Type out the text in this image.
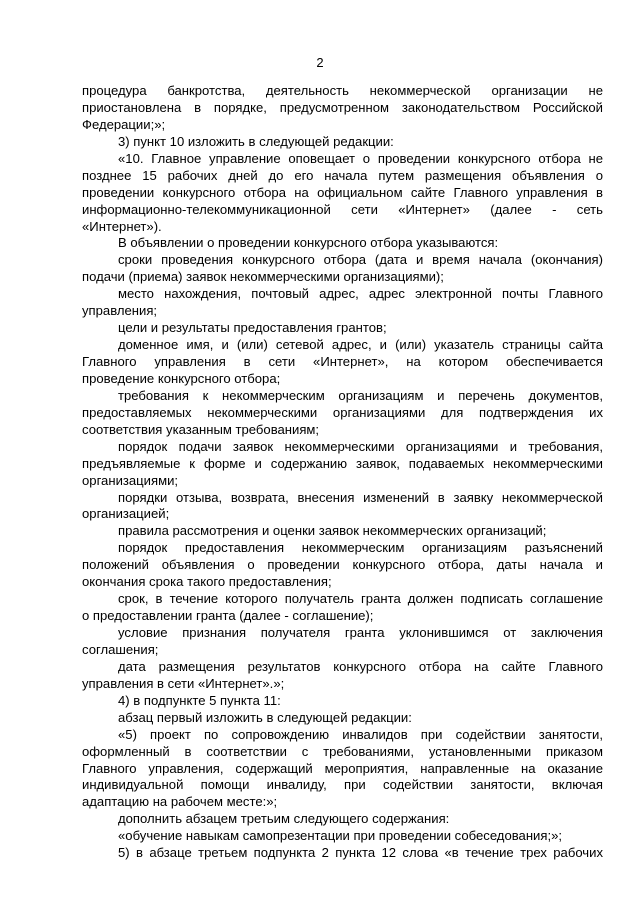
2
процедура банкротства, деятельность некоммерческой организации не
приостановлена в порядке, предусмотренном законодательством Российской
Федерации;»;
3) пункт 10 изложить в следующей редакции:
«10. Главное управление оповещает о проведении конкурсного отбора не
позднее 15 рабочих дней до его начала путем размещения объявления о
проведении конкурсного отбора на официальном сайте Главного управления в
информационно-телекоммуникационной сети «Интернет» (далее - сеть
«Интернет»).
В объявлении о проведении конкурсного отбора указываются:
сроки проведения конкурсного отбора (дата и время начала (окончания)
подачи (приема) заявок некоммерческими организациями);
место нахождения, почтовый адрес, адрес электронной почты Главного
управления;
цели и результаты предоставления грантов;
доменное имя, и (или) сетевой адрес, и (или) указатель страницы сайта
Главного управления в сети «Интернет», на котором обеспечивается
проведение конкурсного отбора;
требования к некоммерческим организациям и перечень документов,
предоставляемых некоммерческими организациями для подтверждения их
соответствия указанным требованиям;
порядок подачи заявок некоммерческими организациями и требования,
предъявляемые к форме и содержанию заявок, подаваемых некоммерческими
организациями;
порядки отзыва, возврата, внесения изменений в заявку некоммерческой
организацией;
правила рассмотрения и оценки заявок некоммерческих организаций;
порядок предоставления некоммерческим организациям разъяснений
положений объявления о проведении конкурсного отбора, даты начала и
окончания срока такого предоставления;
срок, в течение которого получатель гранта должен подписать соглашение
о предоставлении гранта (далее - соглашение);
условие признания получателя гранта уклонившимся от заключения
соглашения;
дата размещения результатов конкурсного отбора на сайте Главного
управления в сети «Интернет».»;
4) в подпункте 5 пункта 11:
абзац первый изложить в следующей редакции:
«5) проект по сопровождению инвалидов при содействии занятости,
оформленный в соответствии с требованиями, установленными приказом
Главного управления, содержащий мероприятия, направленные на оказание
индивидуальной помощи инвалиду, при содействии занятости, включая
адаптацию на рабочем месте:»;
дополнить абзацем третьим следующего содержания:
«обучение навыкам самопрезентации при проведении собеседования;»;
5) в абзаце третьем подпункта 2 пункта 12 слова «в течение трех рабочих
